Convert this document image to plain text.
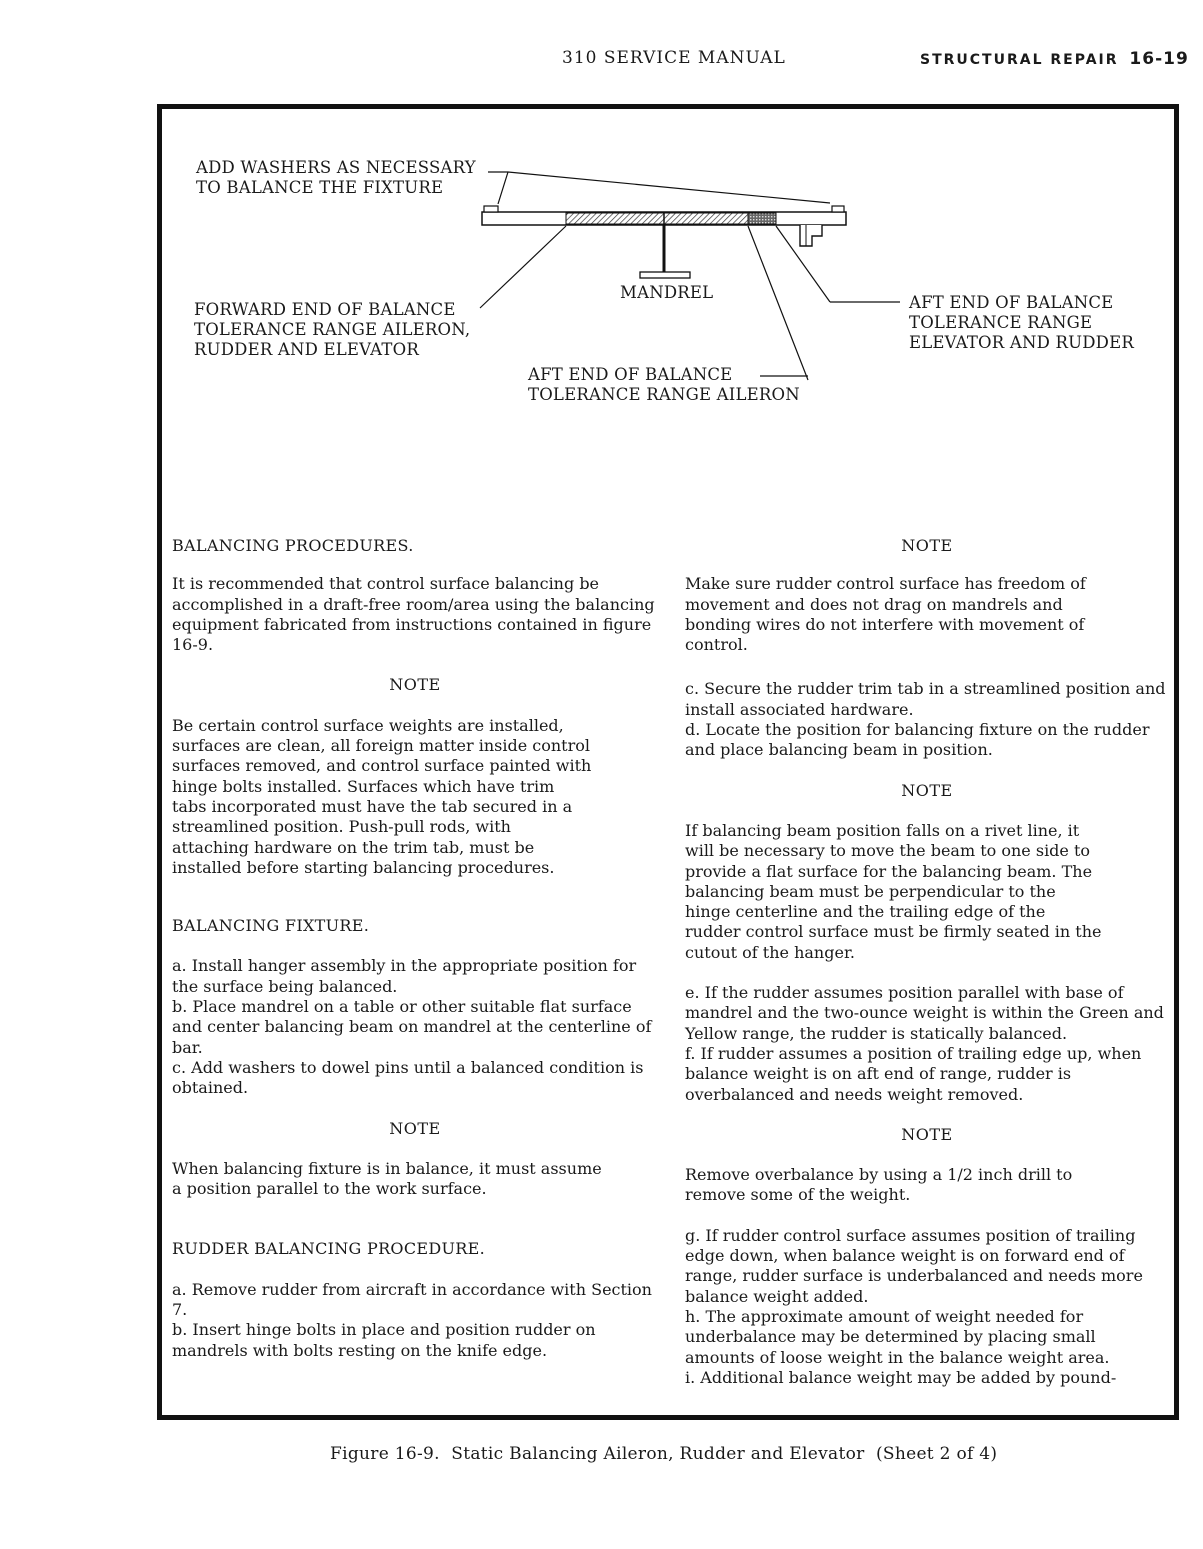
310 SERVICE MANUAL	STRUCTURAL REPAIR 16-19
ADD WASHERS AS NECESSARY
TO BALANCE THE FIXTURE
MANDREL
FORWARD END OF BALANCE
TOLERANCE RANGE AILERON,
RUDDER AND ELEVATOR
AFT END OF BALANCE
TOLERANCE RANGE AILERON
AFT END OF BALANCE
TOLERANCE RANGE
ELEVATOR AND RUDDER

BALANCING PROCEDURES.

It is recommended that control surface balancing be accomplished in a draft-free room/area using the balancing equipment fabricated from instructions contained in figure 16-9.

NOTE

Be certain control surface weights are installed, surfaces are clean, all foreign matter inside control surfaces removed, and control surface painted with hinge bolts installed. Surfaces which have trim tabs incorporated must have the tab secured in a streamlined position. Push-pull rods, with attaching hardware on the trim tab, must be installed before starting balancing procedures.

BALANCING FIXTURE.

a. Install hanger assembly in the appropriate position for the surface being balanced.

b. Place mandrel on a table or other suitable flat surface and center balancing beam on mandrel at the centerline of bar.

c. Add washers to dowel pins until a balanced condition is obtained.

NOTE

When balancing fixture is in balance, it must assume a position parallel to the work surface.

RUDDER BALANCING PROCEDURE.

a. Remove rudder from aircraft in accordance with Section 7.

b. Insert hinge bolts in place and position rudder on mandrels with bolts resting on the knife edge.

NOTE

Make sure rudder control surface has freedom of movement and does not drag on mandrels and bonding wires do not interfere with movement of control.

c. Secure the rudder trim tab in a streamlined position and install associated hardware.

d. Locate the position for balancing fixture on the rudder and place balancing beam in position.

NOTE

If balancing beam position falls on a rivet line, it will be necessary to move the beam to one side to provide a flat surface for the balancing beam. The balancing beam must be perpendicular to the hinge centerline and the trailing edge of the rudder control surface must be firmly seated in the cutout of the hanger.

e. If the rudder assumes position parallel with base of mandrel and the two-ounce weight is within the Green and Yellow range, the rudder is statically balanced.

f. If rudder assumes a position of trailing edge up, when balance weight is on aft end of range, rudder is overbalanced and needs weight removed.

NOTE

Remove overbalance by using a 1/2 inch drill to remove some of the weight.

g. If rudder control surface assumes position of trailing edge down, when balance weight is on forward end of range, rudder surface is underbalanced and needs more balance weight added.

h. The approximate amount of weight needed for underbalance may be determined by placing small amounts of loose weight in the balance weight area.

i. Additional balance weight may be added by pound-

Figure 16-9.  Static Balancing Aileron, Rudder and Elevator  (Sheet 2 of 4)
